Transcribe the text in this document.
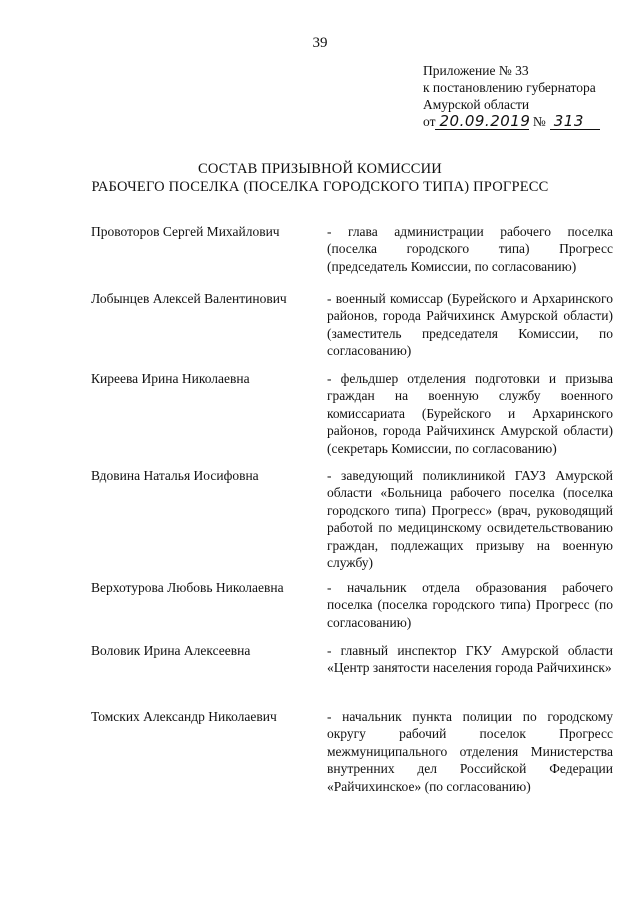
39
Приложение № 33
к постановлению губернатора
Амурской области
от 20.09.2019 № 313
СОСТАВ ПРИЗЫВНОЙ КОМИССИИ
РАБОЧЕГО ПОСЕЛКА (ПОСЕЛКА ГОРОДСКОГО ТИПА) ПРОГРЕСС
Провоторов Сергей Михайлович	- глава администрации рабочего поселка (поселка городского типа) Прогресс (председатель Комиссии, по согласованию)
Лобынцев Алексей Валентинович	- военный комиссар (Бурейского и Архаринского районов, города Райчихинск Амурской области) (заместитель председателя Комиссии, по согласованию)
Киреева Ирина Николаевна	- фельдшер отделения подготовки и призыва граждан на военную службу военного комиссариата (Бурейского и Архаринского районов, города Райчихинск Амурской области) (секретарь Комиссии, по согласованию)
Вдовина Наталья Иосифовна	- заведующий поликлиникой ГАУЗ Амурской области «Больница рабочего поселка (поселка городского типа) Прогресс» (врач, руководящий работой по медицинскому освидетельствованию граждан, подлежащих призыву на военную службу)
Верхотурова Любовь Николаевна	- начальник отдела образования рабочего поселка (поселка городского типа) Прогресс (по согласованию)
Воловик Ирина Алексеевна	- главный инспектор ГКУ Амурской области «Центр занятости населения города Райчихинск»
Томских Александр Николаевич	- начальник пункта полиции по городскому округу рабочий поселок Прогресс межмуниципального отделения Министерства внутренних дел Российской Федерации «Райчихинское» (по согласованию)
